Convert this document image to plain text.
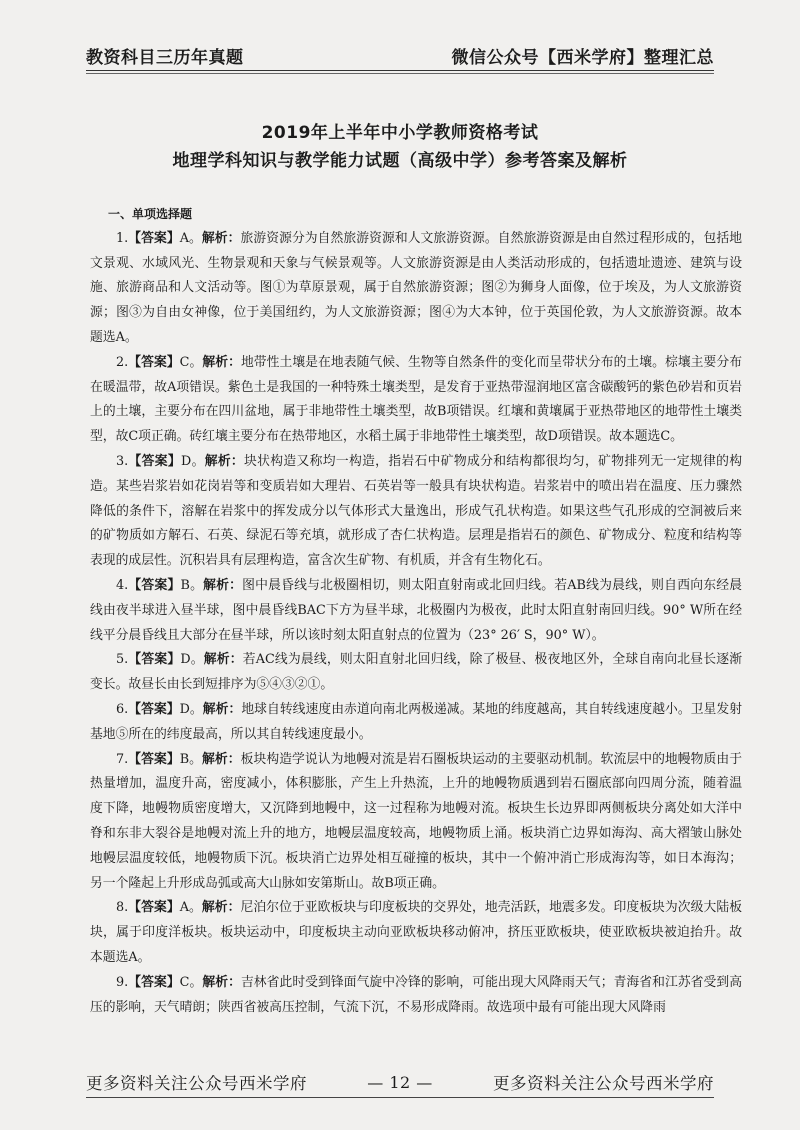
教资科目三历年真题	微信公众号【西米学府】整理汇总
2019年上半年中小学教师资格考试
地理学科知识与教学能力试题（高级中学）参考答案及解析

一、单项选择题

1.【答案】A。解析：旅游资源分为自然旅游资源和人文旅游资源。自然旅游资源是由自然过程形成的，包括地文景观、水域风光、生物景观和天象与气候景观等。人文旅游资源是由人类活动形成的，包括遗址遗迹、建筑与设施、旅游商品和人文活动等。图①为草原景观，属于自然旅游资源；图②为狮身人面像，位于埃及，为人文旅游资源；图③为自由女神像，位于美国纽约，为人文旅游资源；图④为大本钟，位于英国伦敦，为人文旅游资源。故本题选A。

2.【答案】C。解析：地带性土壤是在地表随气候、生物等自然条件的变化而呈带状分布的土壤。棕壤主要分布在暖温带，故A项错误。紫色土是我国的一种特殊土壤类型，是发育于亚热带湿润地区富含碳酸钙的紫色砂岩和页岩上的土壤，主要分布在四川盆地，属于非地带性土壤类型，故B项错误。红壤和黄壤属于亚热带地区的地带性土壤类型，故C项正确。砖红壤主要分布在热带地区，水稻土属于非地带性土壤类型，故D项错误。故本题选C。

3.【答案】D。解析：块状构造又称均一构造，指岩石中矿物成分和结构都很均匀，矿物排列无一定规律的构造。某些岩浆岩如花岗岩等和变质岩如大理岩、石英岩等一般具有块状构造。岩浆岩中的喷出岩在温度、压力骤然降低的条件下，溶解在岩浆中的挥发成分以气体形式大量逸出，形成气孔状构造。如果这些气孔形成的空洞被后来的矿物质如方解石、石英、绿泥石等充填，就形成了杏仁状构造。层理是指岩石的颜色、矿物成分、粒度和结构等表现的成层性。沉积岩具有层理构造，富含次生矿物、有机质，并含有生物化石。

4.【答案】B。解析：图中晨昏线与北极圈相切，则太阳直射南或北回归线。若AB线为晨线，则自西向东经晨线由夜半球进入昼半球，图中晨昏线BAC下方为昼半球，北极圈内为极夜，此时太阳直射南回归线。90° W所在经线平分晨昏线且大部分在昼半球，所以该时刻太阳直射点的位置为（23° 26′ S，90° W）。

5.【答案】D。解析：若AC线为晨线，则太阳直射北回归线，除了极昼、极夜地区外，全球自南向北昼长逐渐变长。故昼长由长到短排序为⑤④③②①。

6.【答案】D。解析：地球自转线速度由赤道向南北两极递减。某地的纬度越高，其自转线速度越小。卫星发射基地⑤所在的纬度最高，所以其自转线速度最小。

7.【答案】B。解析：板块构造学说认为地幔对流是岩石圈板块运动的主要驱动机制。软流层中的地幔物质由于热量增加，温度升高，密度减小，体积膨胀，产生上升热流，上升的地幔物质遇到岩石圈底部向四周分流，随着温度下降，地幔物质密度增大，又沉降到地幔中，这一过程称为地幔对流。板块生长边界即两侧板块分离处如大洋中脊和东非大裂谷是地幔对流上升的地方，地幔层温度较高，地幔物质上涌。板块消亡边界如海沟、高大褶皱山脉处地幔层温度较低，地幔物质下沉。板块消亡边界处相互碰撞的板块，其中一个俯冲消亡形成海沟等，如日本海沟；另一个隆起上升形成岛弧或高大山脉如安第斯山。故B项正确。

8.【答案】A。解析：尼泊尔位于亚欧板块与印度板块的交界处，地壳活跃，地震多发。印度板块为次级大陆板块，属于印度洋板块。板块运动中，印度板块主动向亚欧板块移动俯冲，挤压亚欧板块，使亚欧板块被迫抬升。故本题选A。

9.【答案】C。解析：吉林省此时受到锋面气旋中冷锋的影响，可能出现大风降雨天气；青海省和江苏省受到高压的影响，天气晴朗；陕西省被高压控制，气流下沉，不易形成降雨。故选项中最有可能出现大风降雨

更多资料关注公众号西米学府	— 12 —	更多资料关注公众号西米学府
